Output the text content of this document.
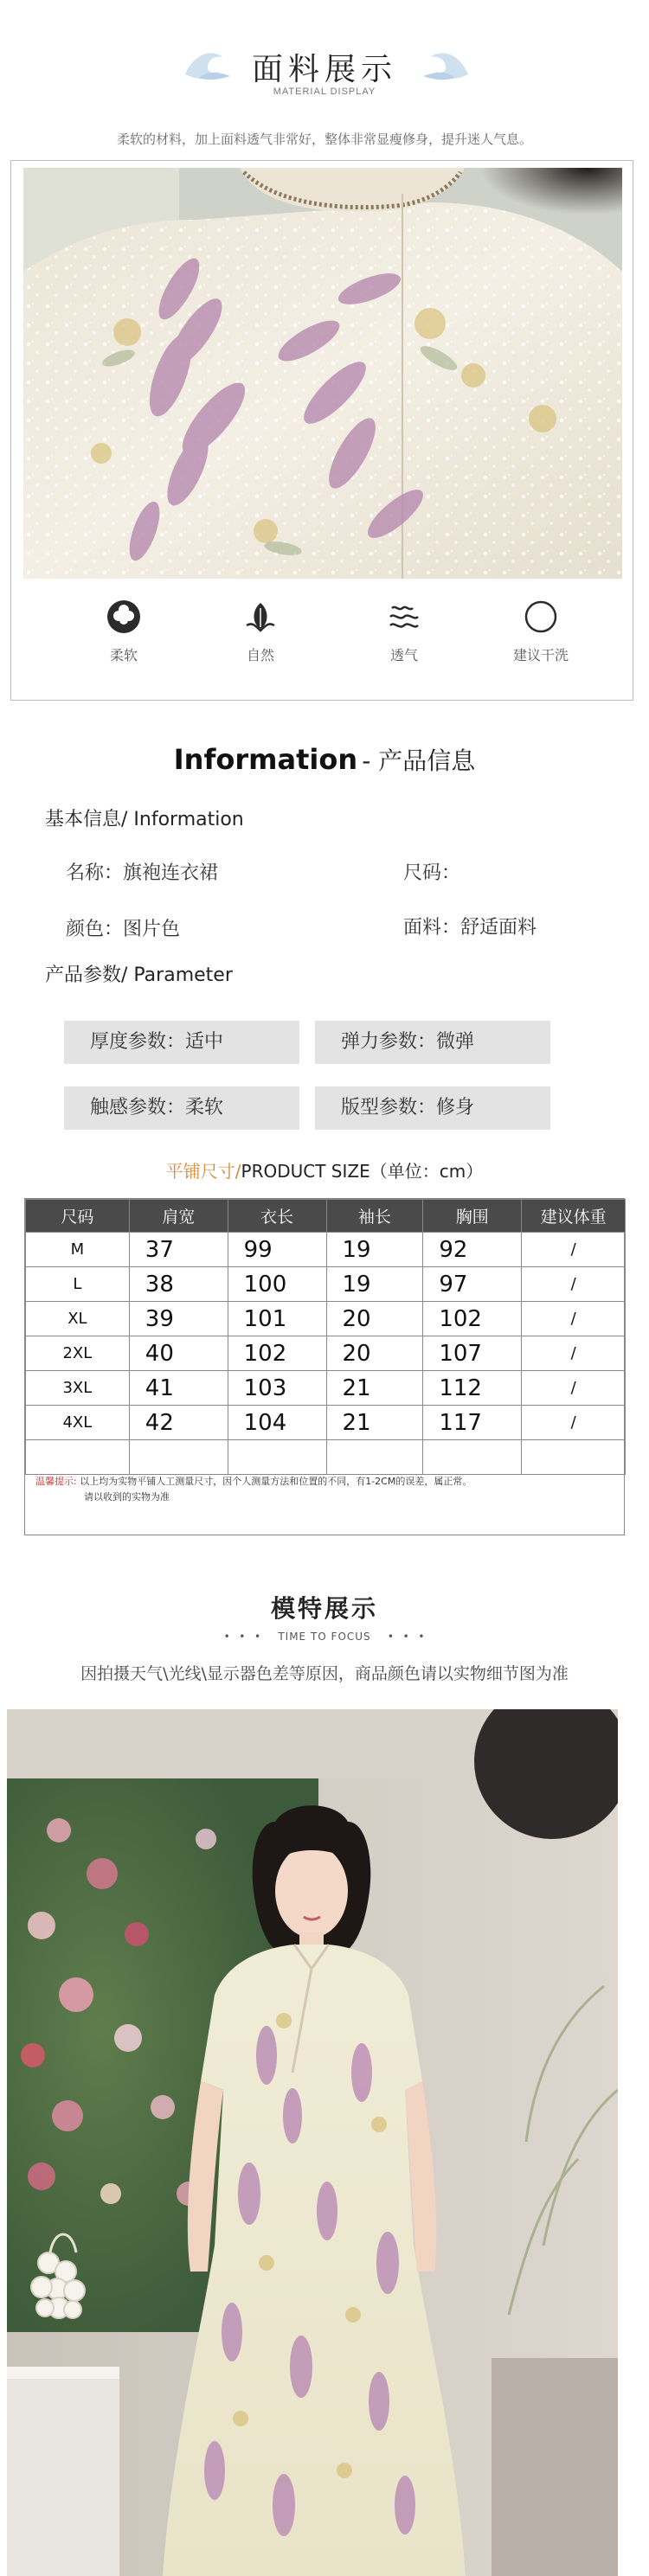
面料展示
MATERIAL DISPLAY
柔软的材料，加上面料透气非常好，整体非常显瘦修身，提升迷人气息。
柔软	自然	透气	建议干洗
Information - 产品信息
基本信息/ Information
名称：旗袍连衣裙	尺码：
颜色：图片色	面料：舒适面料
产品参数/ Parameter
厚度参数：适中	弹力参数：微弹
触感参数：柔软	版型参数：修身
平铺尺寸/PRODUCT SIZE（单位：cm）
尺码	肩宽	衣长	袖长	胸围	建议体重
M	37	99	19	92	/
L	38	100	19	97	/
XL	39	101	20	102	/
2XL	40	102	20	107	/
3XL	41	103	21	112	/
4XL	42	104	21	117	/

温馨提示: 以上均为实物平铺人工测量尺寸，因个人测量方法和位置的不同，有1-2CM的误差，属正常。
请以收到的实物为准
模特展示
•  •  •    TIME TO FOCUS    •  •  •
因拍摄天气\光线\显示器色差等原因，商品颜色请以实物细节图为准
